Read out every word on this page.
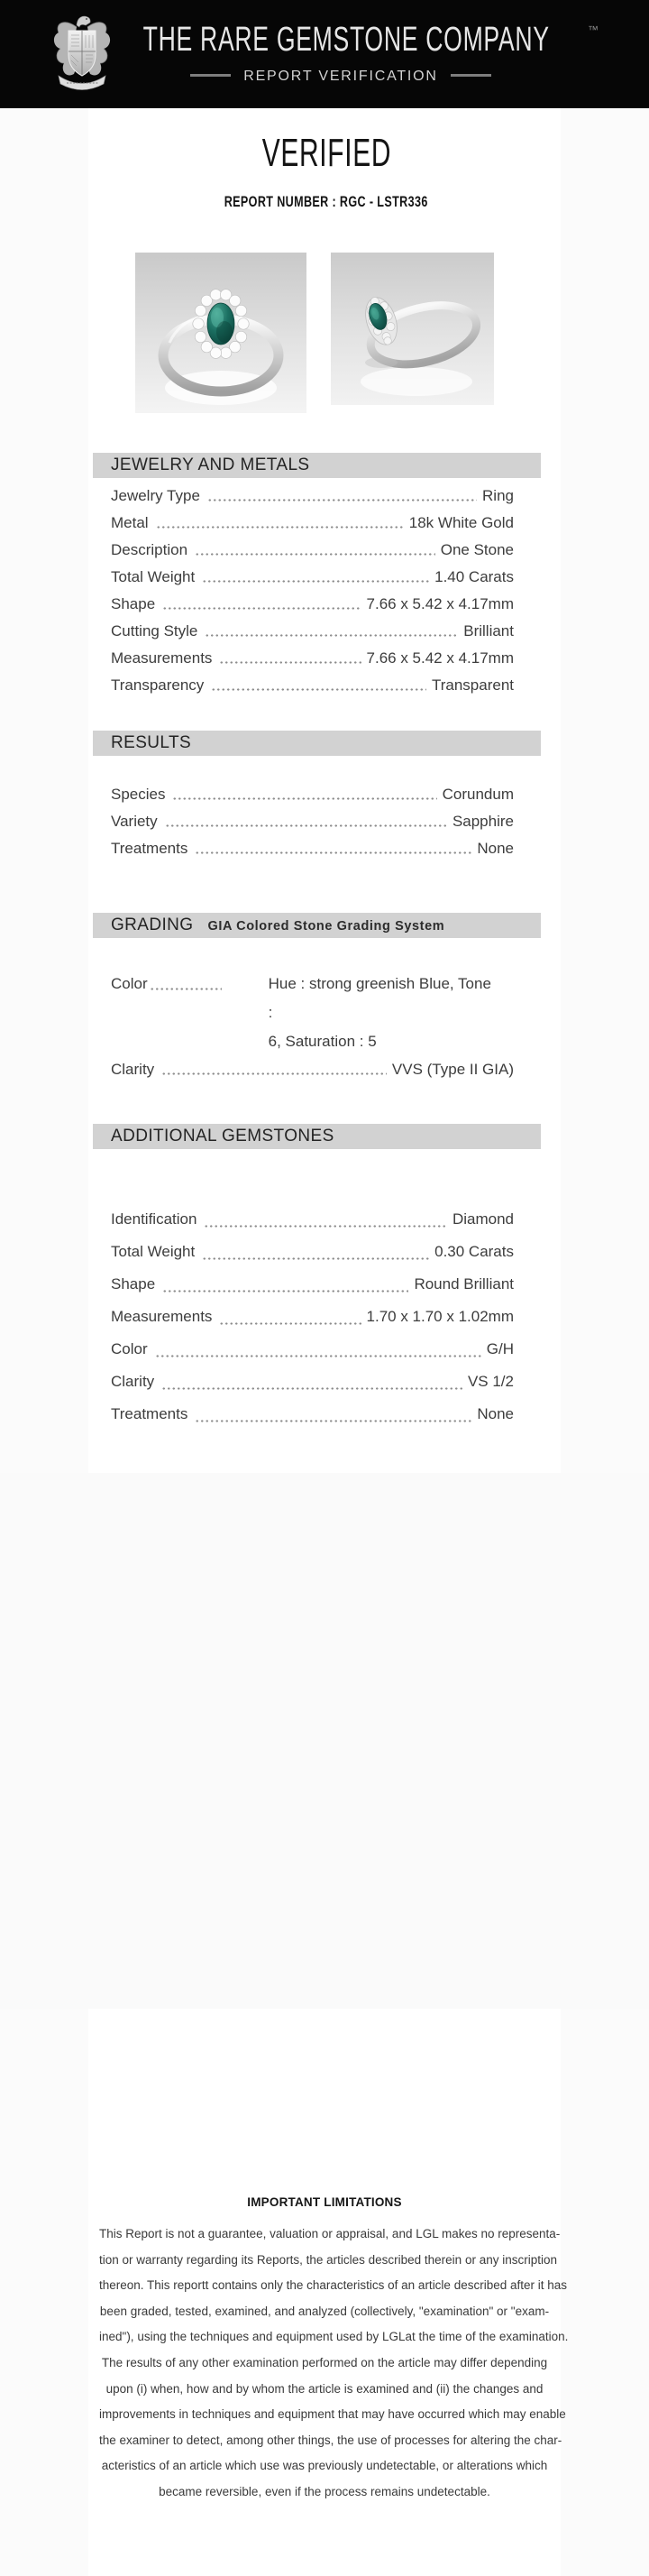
THE RARE GEMSTONE COMPANY	™
REPORT VERIFICATION
VERIFIED
REPORT NUMBER : RGC - LSTR336
JEWELRY AND METALS
Jewelry Type	Ring
Metal	18k White Gold
Description	One Stone
Total Weight	1.40 Carats
Shape	7.66 x 5.42 x 4.17mm
Cutting Style	Brilliant
Measurements	7.66 x 5.42 x 4.17mm
Transparency	Transparent
RESULTS
Species	Corundum
Variety	Sapphire
Treatments	None
GRADING GIA Colored Stone Grading System
Color	Hue : strong greenish Blue, Tone :
6, Saturation : 5
Clarity	VVS (Type II GIA)
ADDITIONAL GEMSTONES
Identification	Diamond
Total Weight	0.30 Carats
Shape	Round Brilliant
Measurements	1.70 x 1.70 x 1.02mm
Color	G/H
Clarity	VS 1/2
Treatments	None
IMPORTANT LIMITATIONS
This Report is not a guarantee, valuation or appraisal, and LGL makes no representa-
tion or warranty regarding its Reports, the articles described therein or any inscription
thereon. This reportt contains only the characteristics of an article described after it has
been graded, tested, examined, and analyzed (collectively, "examination" or "exam-
ined"), using the techniques and equipment used by LGLat the time of the examination.
The results of any other examination performed on the article may differ depending
upon (i) when, how and by whom the article is examined and (ii) the changes and
improvements in techniques and equipment that may have occurred which may enable
the examiner to detect, among other things, the use of processes for altering the char-
acteristics of an article which use was previously undetectable, or alterations which
became reversible, even if the process remains undetectable.
